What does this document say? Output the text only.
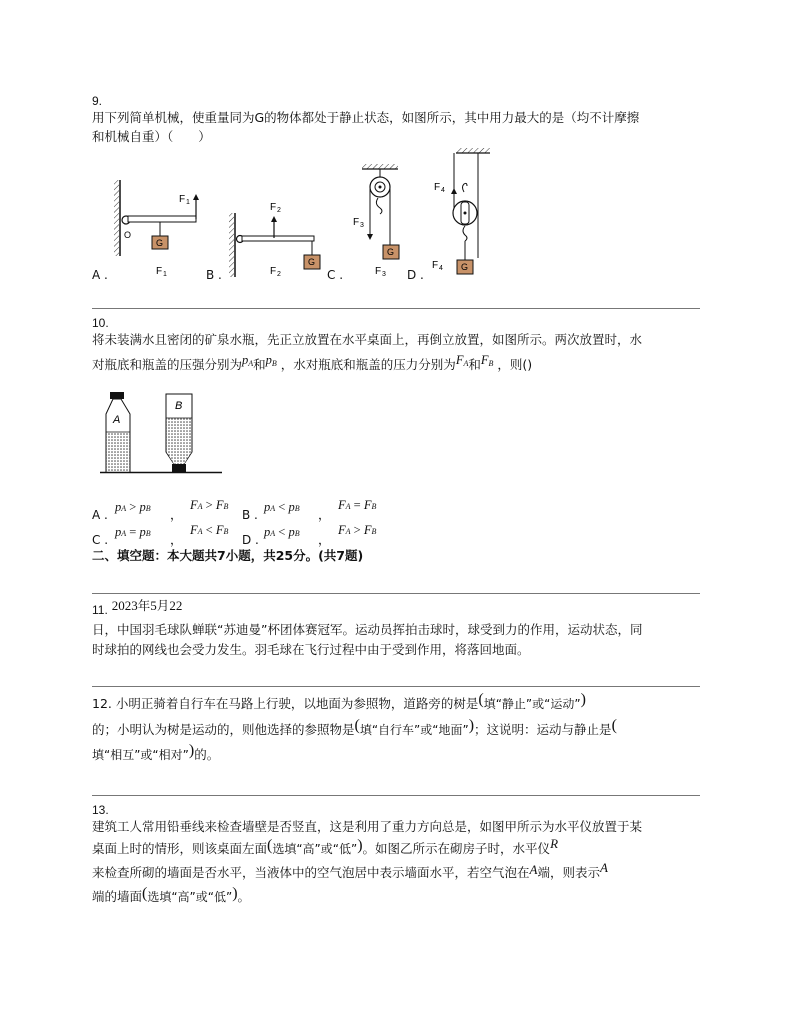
9.
用下列简单机械，使重量同为G的物体都处于静止状态，如图所示，其中用力最大的是（均不计摩擦
和机械自重）（　　）
F 1
O
G
F 1
F 2
G
F 2
F 3
G
F 3
F 4
G
F 4
A .	B .	C .	D .
10.
将未装满水且密闭的矿泉水瓶，先正立放置在水平桌面上，再倒立放置，如图所示。两次放置时，水
对瓶底和瓶盖的压强分别为$p^A$和$p^B$ ，水对瓶底和瓶盖的压力分别为$F^A$和$F^B$ ，则()
A
B
A .
pA > pB ，
FA > FB
B .
pA < pB ，
FA = FB
C .
pA = pB ，
FA < FB
D .
pA < pB ，
FA > FB
二、填空题：本大题共7小题，共25分。(共7题)
11. 2023年5月22
日，中国羽毛球队蝉联“苏迪曼”杯团体赛冠军。运动员挥拍击球时，球受到力的作用，运动状态，同
时球拍的网线也会受力发生。羽毛球在飞行过程中由于受到作用，将落回地面。
12. 小明正骑着自行车在马路上行驶，以地面为参照物，道路旁的树是(填“静止”或“运动”)
的；小明认为树是运动的，则他选择的参照物是(填“自行车”或“地面”)；这说明：运动与静止是(
填“相互”或“相对”)的。
13.
建筑工人常用铅垂线来检查墙壁是否竖直，这是利用了重力方向总是，如图甲所示为水平仪放置于某
桌面上时的情形，则该桌面左面(选填“高”或“低”)。如图乙所示在砌房子时，水平仪R
来检查所砌的墙面是否水平，当液体中的空气泡居中表示墙面水平，若空气泡在A端，则表示A
端的墙面(选填“高”或“低”)。
